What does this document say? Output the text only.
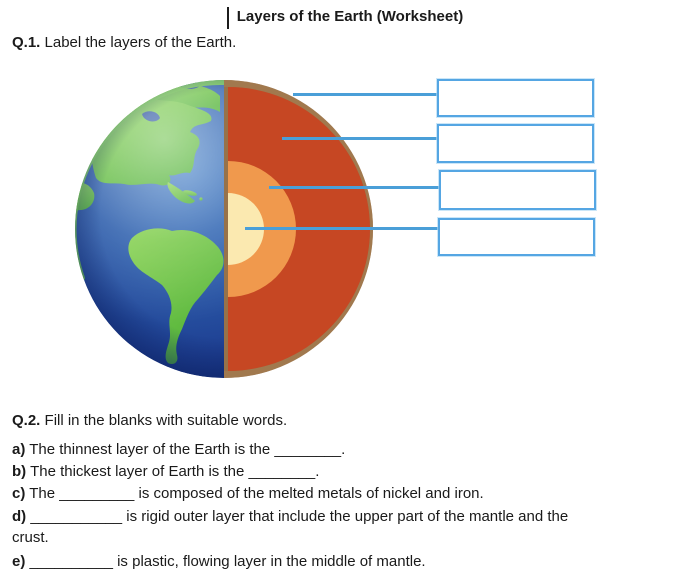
Layers of the Earth (Worksheet)
Q.1. Label the layers of the Earth.
Q.2. Fill in the blanks with suitable words.
a) The thinnest layer of the Earth is the ________.
b) The thickest layer of Earth is the ________.
c) The _________ is composed of the melted metals of nickel and iron.
d) ___________ is rigid outer layer that include the upper part of the mantle and the
crust.
e) __________ is plastic, flowing layer in the middle of mantle.
